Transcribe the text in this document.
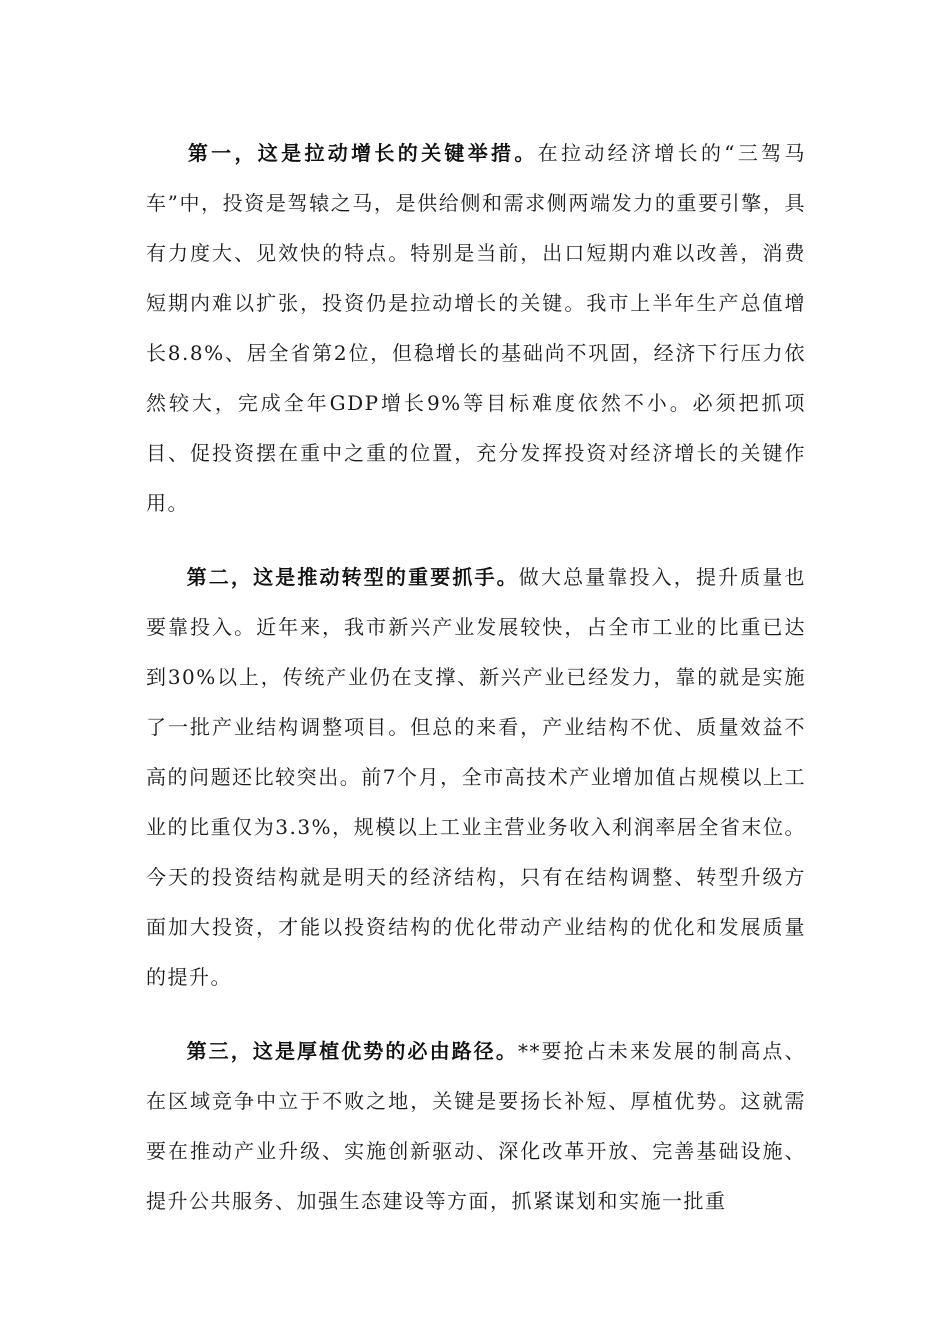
第一，这是拉动增长的关键举措。在拉动经济增长的“三驾马车”中，投资是驾辕之马，是供给侧和需求侧两端发力的重要引擎，具有力度大、见效快的特点。特别是当前，出口短期内难以改善，消费短期内难以扩张，投资仍是拉动增长的关键。我市上半年生产总值增长8.8%、居全省第2位，但稳增长的基础尚不巩固，经济下行压力依然较大，完成全年GDP增长9%等目标难度依然不小。必须把抓项目、促投资摆在重中之重的位置，充分发挥投资对经济增长的关键作用。

第二，这是推动转型的重要抓手。做大总量靠投入，提升质量也要靠投入。近年来，我市新兴产业发展较快，占全市工业的比重已达到30%以上，传统产业仍在支撑、新兴产业已经发力，靠的就是实施了一批产业结构调整项目。但总的来看，产业结构不优、质量效益不高的问题还比较突出。前7个月，全市高技术产业增加值占规模以上工业的比重仅为3.3%，规模以上工业主营业务收入利润率居全省末位。今天的投资结构就是明天的经济结构，只有在结构调整、转型升级方面加大投资，才能以投资结构的优化带动产业结构的优化和发展质量的提升。

第三，这是厚植优势的必由路径。**要抢占未来发展的制高点、在区域竞争中立于不败之地，关键是要扬长补短、厚植优势。这就需要在推动产业升级、实施创新驱动、深化改革开放、完善基础设施、提升公共服务、加强生态建设等方面，抓紧谋划和实施一批重
